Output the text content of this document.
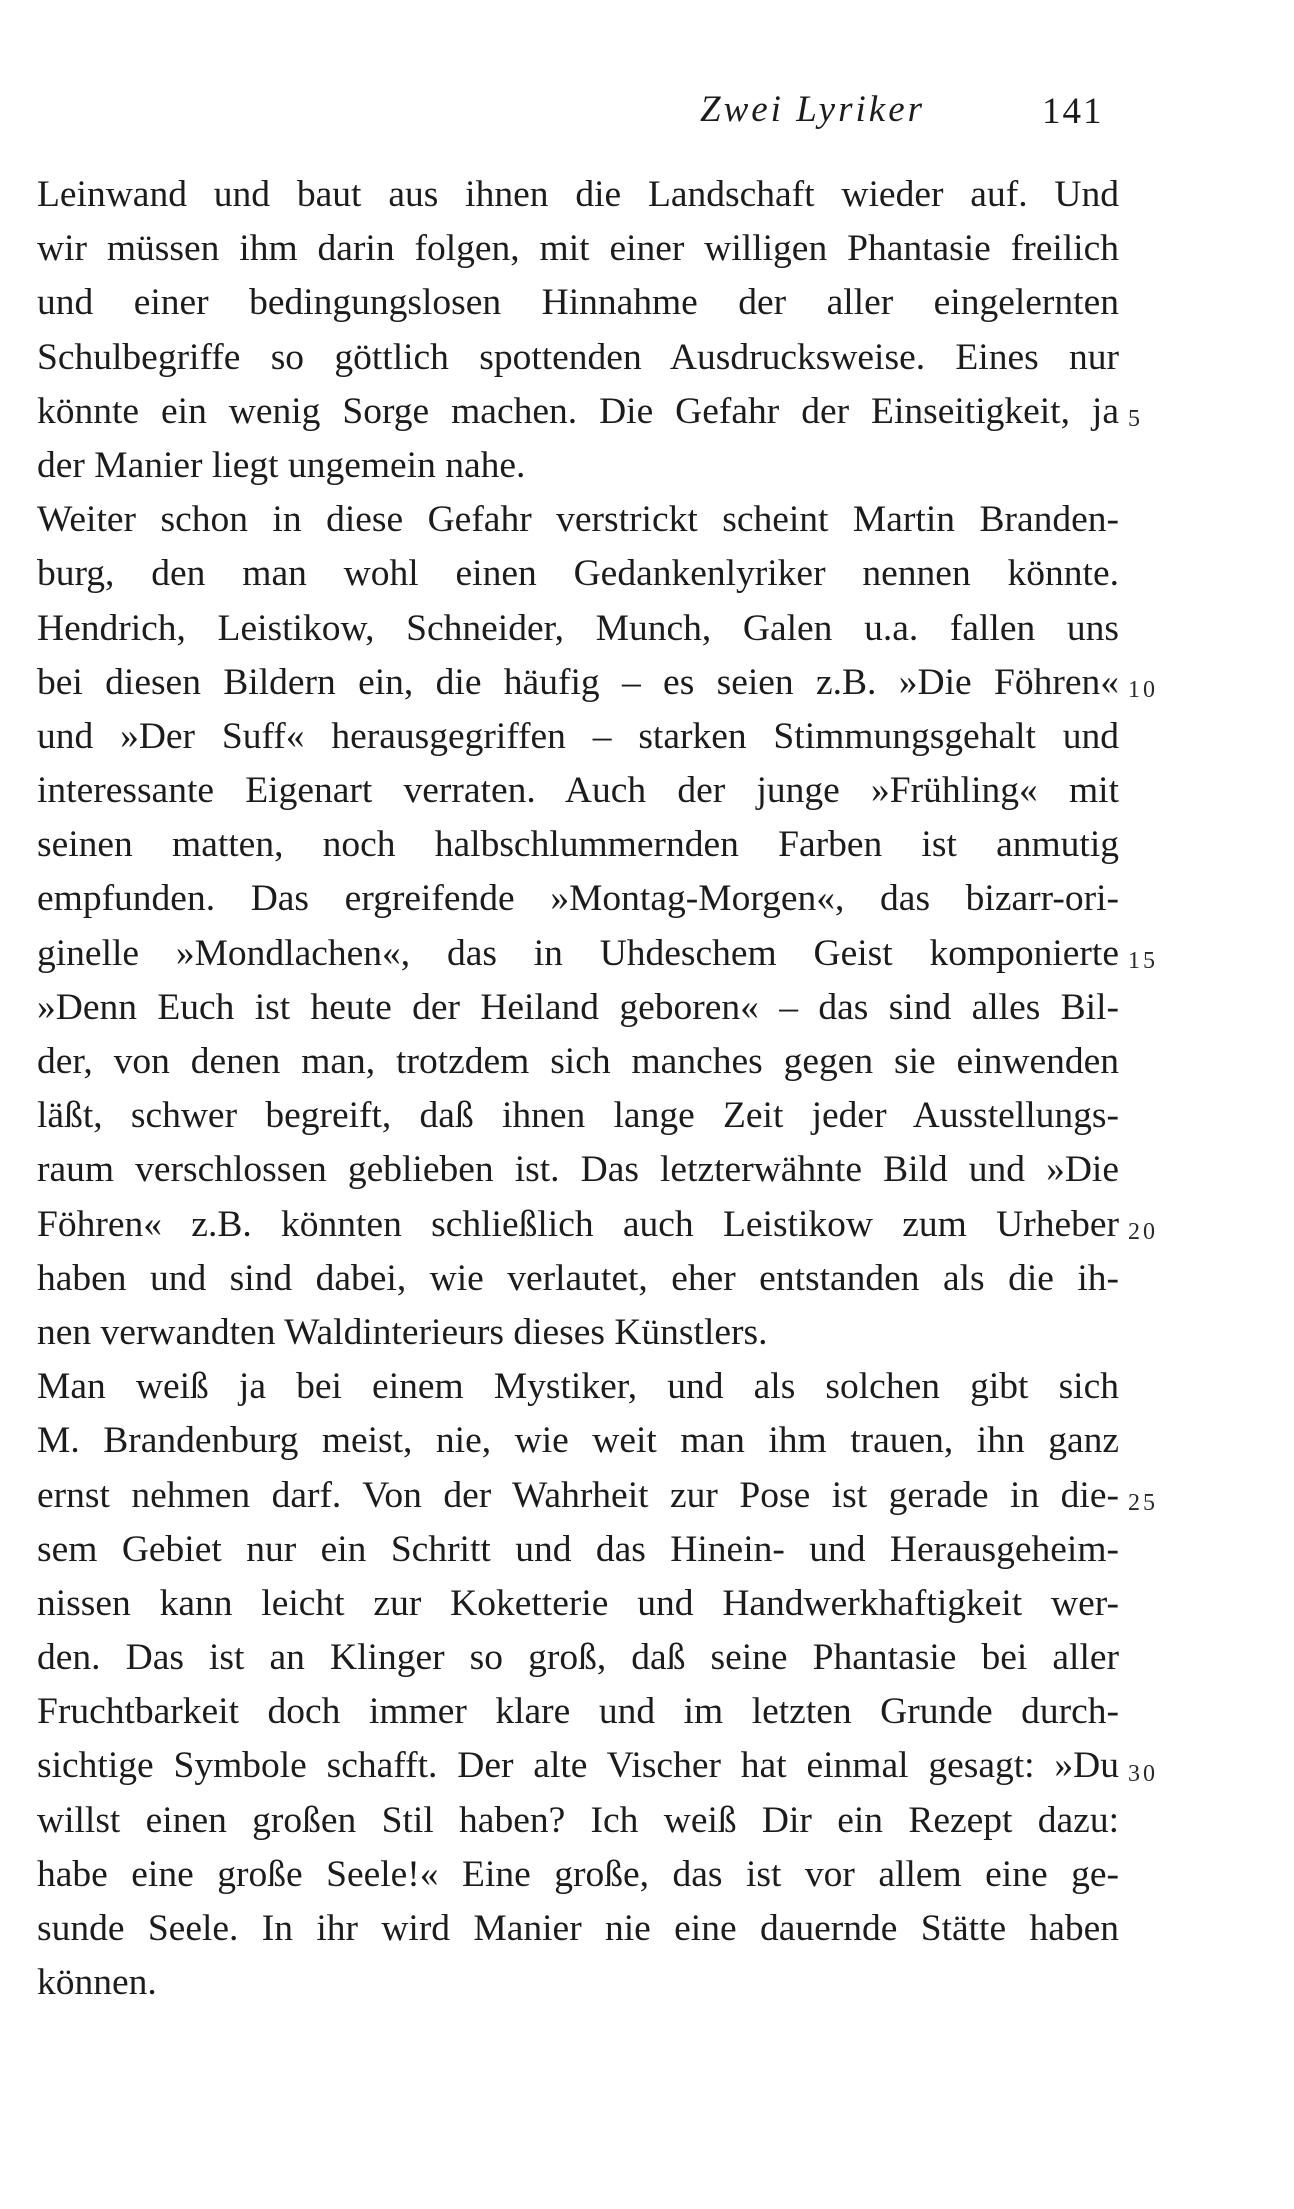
Zwei Lyriker	141
Leinwand und baut aus ihnen die Landschaft wieder auf. Und
wir müssen ihm darin folgen, mit einer willigen Phantasie freilich
und einer bedingungslosen Hinnahme der aller eingelernten
Schulbegriffe so göttlich spottenden Ausdrucksweise. Eines nur
könnte ein wenig Sorge machen. Die Gefahr der Einseitigkeit, ja
der Manier liegt ungemein nahe.
Weiter schon in diese Gefahr verstrickt scheint Martin Branden-
burg, den man wohl einen Gedankenlyriker nennen könnte.
Hendrich, Leistikow, Schneider, Munch, Galen u.a. fallen uns
bei diesen Bildern ein, die häufig – es seien z.B. »Die Föhren«
und »Der Suff« herausgegriffen – starken Stimmungsgehalt und
interessante Eigenart verraten. Auch der junge »Frühling« mit
seinen matten, noch halbschlummernden Farben ist anmutig
empfunden. Das ergreifende »Montag-Morgen«, das bizarr-ori-
ginelle »Mondlachen«, das in Uhdeschem Geist komponierte
»Denn Euch ist heute der Heiland geboren« – das sind alles Bil-
der, von denen man, trotzdem sich manches gegen sie einwenden
läßt, schwer begreift, daß ihnen lange Zeit jeder Ausstellungs-
raum verschlossen geblieben ist. Das letzterwähnte Bild und »Die
Föhren« z.B. könnten schließlich auch Leistikow zum Urheber
haben und sind dabei, wie verlautet, eher entstanden als die ih-
nen verwandten Waldinterieurs dieses Künstlers.
Man weiß ja bei einem Mystiker, und als solchen gibt sich
M. Brandenburg meist, nie, wie weit man ihm trauen, ihn ganz
ernst nehmen darf. Von der Wahrheit zur Pose ist gerade in die-
sem Gebiet nur ein Schritt und das Hinein- und Herausgeheim-
nissen kann leicht zur Koketterie und Handwerkhaftigkeit wer-
den. Das ist an Klinger so groß, daß seine Phantasie bei aller
Fruchtbarkeit doch immer klare und im letzten Grunde durch-
sichtige Symbole schafft. Der alte Vischer hat einmal gesagt: »Du
willst einen großen Stil haben? Ich weiß Dir ein Rezept dazu:
habe eine große Seele!« Eine große, das ist vor allem eine ge-
sunde Seele. In ihr wird Manier nie eine dauernde Stätte haben
können.
5
10
15
20
25
30
